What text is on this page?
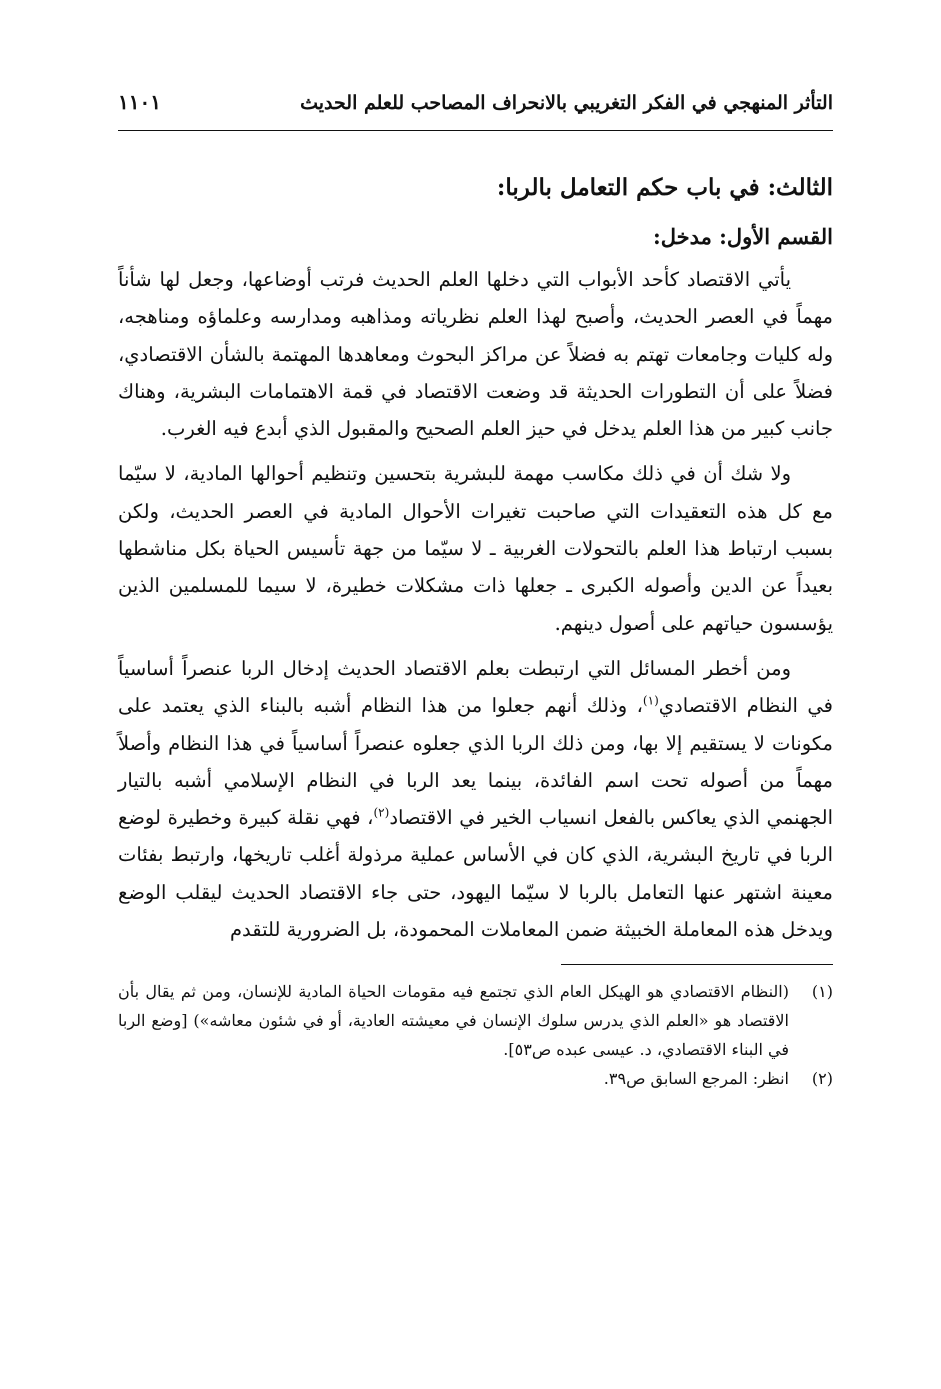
التأثر المنهجي في الفكر التغريبي بالانحراف المصاحب للعلم الحديث
١١٠١
الثالث: في باب حكم التعامل بالربا:
القسم الأول: مدخل:

يأتي الاقتصاد كأحد الأبواب التي دخلها العلم الحديث فرتب أوضاعها، وجعل لها شأناً مهماً في العصر الحديث، وأصبح لهذا العلم نظرياته ومذاهبه ومدارسه وعلماؤه ومناهجه، وله كليات وجامعات تهتم به فضلاً عن مراكز البحوث ومعاهدها المهتمة بالشأن الاقتصادي، فضلاً على أن التطورات الحديثة قد وضعت الاقتصاد في قمة الاهتمامات البشرية، وهناك جانب كبير من هذا العلم يدخل في حيز العلم الصحيح والمقبول الذي أبدع فيه الغرب.

ولا شك أن في ذلك مكاسب مهمة للبشرية بتحسين وتنظيم أحوالها المادية، لا سيّما مع كل هذه التعقيدات التي صاحبت تغيرات الأحوال المادية في العصر الحديث، ولكن بسبب ارتباط هذا العلم بالتحولات الغربية ـ لا سيّما من جهة تأسيس الحياة بكل مناشطها بعيداً عن الدين وأصوله الكبرى ـ جعلها ذات مشكلات خطيرة، لا سيما للمسلمين الذين يؤسسون حياتهم على أصول دينهم.

ومن أخطر المسائل التي ارتبطت بعلم الاقتصاد الحديث إدخال الربا عنصراً أساسياً في النظام الاقتصادي$^{(١)}$، وذلك أنهم جعلوا من هذا النظام أشبه بالبناء الذي يعتمد على مكونات لا يستقيم إلا بها، ومن ذلك الربا الذي جعلوه عنصراً أساسياً في هذا النظام وأصلاً مهماً من أصوله تحت اسم الفائدة، بينما يعد الربا في النظام الإسلامي أشبه بالتيار الجهنمي الذي يعاكس بالفعل انسياب الخير في الاقتصاد$^{(٢)}$، فهي نقلة كبيرة وخطيرة لوضع الربا في تاريخ البشرية، الذي كان في الأساس عملية مرذولة أغلب تاريخها، وارتبط بفئات معينة اشتهر عنها التعامل بالربا لا سيّما اليهود، حتى جاء الاقتصاد الحديث ليقلب الوضع ويدخل هذه المعاملة الخبيثة ضمن المعاملات المحمودة، بل الضرورية للتقدم

(١)
(النظام الاقتصادي هو الهيكل العام الذي تجتمع فيه مقومات الحياة المادية للإنسان، ومن ثم يقال بأن الاقتصاد هو «العلم الذي يدرس سلوك الإنسان في معيشته العادية، أو في شئون معاشه») [وضع الربا في البناء الاقتصادي، د. عيسى عبده ص٥٣].
(٢)
انظر: المرجع السابق ص٣٩.
